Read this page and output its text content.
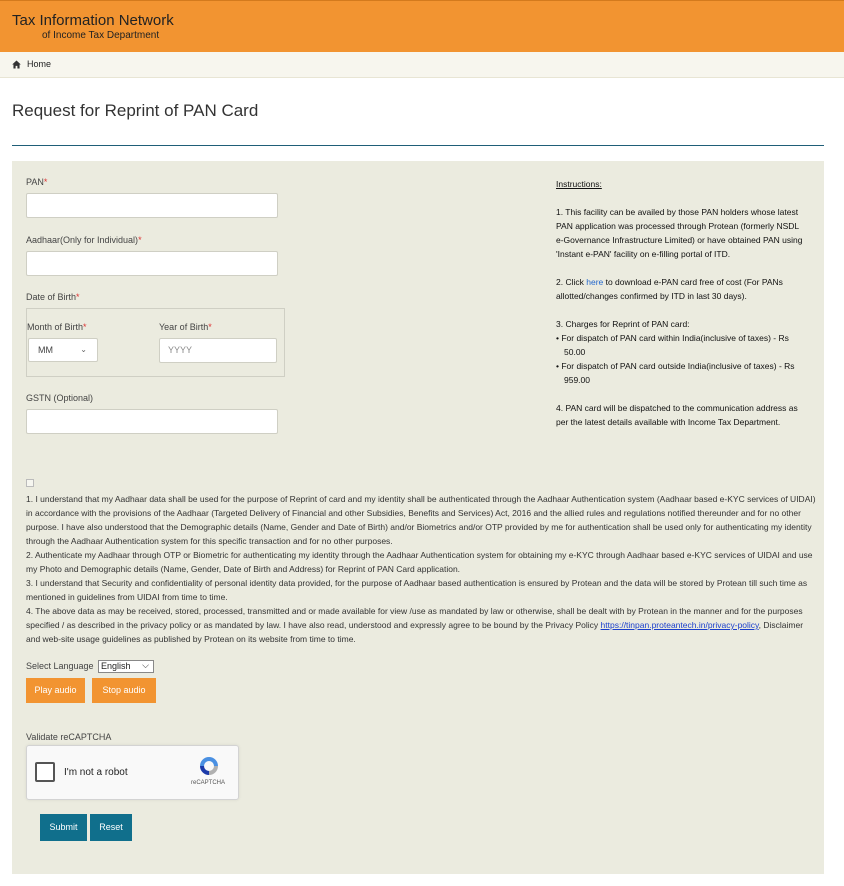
Tax Information Network
of Income Tax Department
Home
Request for Reprint of PAN Card
PAN*
Aadhaar(Only for Individual)*
Date of Birth*
Month of Birth*
MM	⌄
Year of Birth*
YYYY
GSTN (Optional)

Instructions:

1. This facility can be availed by those PAN holders whose latest PAN application was processed through Protean (formerly NSDL e-Governance Infrastructure Limited) or have obtained PAN using 'Instant e-PAN' facility on e-filling portal of ITD.

2. Click here to download e-PAN card free of cost (For PANs allotted/changes confirmed by ITD in last 30 days).

3. Charges for Reprint of PAN card:

• For dispatch of PAN card within India(inclusive of taxes) - Rs 50.00

• For dispatch of PAN card outside India(inclusive of taxes) - Rs 959.00

4. PAN card will be dispatched to the communication address as per the latest details available with Income Tax Department.

1. I understand that my Aadhaar data shall be used for the purpose of Reprint of card and my identity shall be authenticated through the Aadhaar Authentication system (Aadhaar based e-KYC services of UIDAI) in accordance with the provisions of the Aadhaar (Targeted Delivery of Financial and other Subsidies, Benefits and Services) Act, 2016 and the allied rules and regulations notified thereunder and for no other purpose. I have also understood that the Demographic details (Name, Gender and Date of Birth) and/or Biometrics and/or OTP provided by me for authentication shall be used only for authenticating my identity through the Aadhaar Authentication system for this specific transaction and for no other purposes.

2. Authenticate my Aadhaar through OTP or Biometric for authenticating my identity through the Aadhaar Authentication system for obtaining my e-KYC through Aadhaar based e-KYC services of UIDAI and use my Photo and Demographic details (Name, Gender, Date of Birth and Address) for Reprint of PAN Card application.

3. I understand that Security and confidentiality of personal identity data provided, for the purpose of Aadhaar based authentication is ensured by Protean and the data will be stored by Protean till such time as mentioned in guidelines from UIDAI from time to time.

4. The above data as may be received, stored, processed, transmitted and or made available for view /use as mandated by law or otherwise, shall be dealt with by Protean in the manner and for the purposes specified / as described in the privacy policy or as mandated by law. I have also read, understood and expressly agree to be bound by the Privacy Policy https://tinpan.proteantech.in/privacy-policy, Disclaimer and web-site usage guidelines as published by Protean on its website from time to time.

Select Language English ⌵
Play audio	Stop audio
Validate reCAPTCHA
I'm not a robot
reCAPTCHA
Submit	Reset
